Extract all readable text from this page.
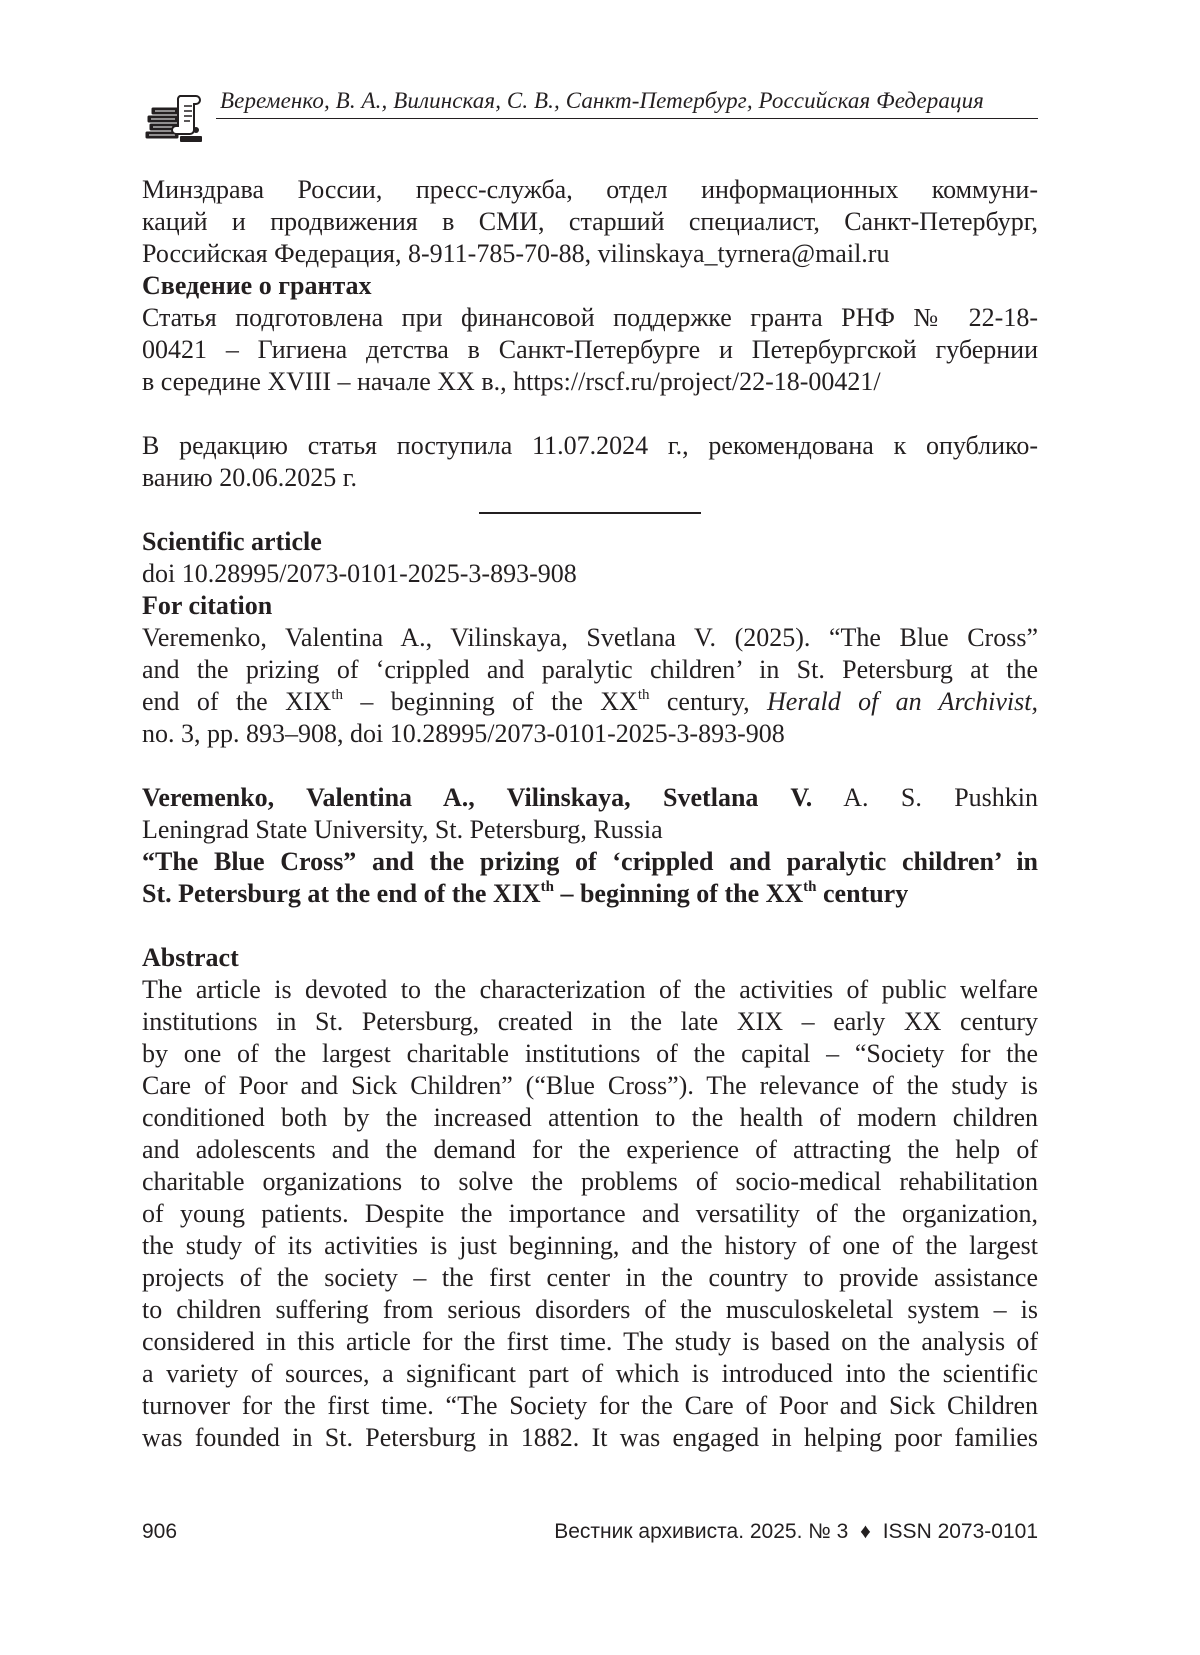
Веременко, В. А., Вилинская, С. В., Санкт-Петербург, Российская Федерация

Минздрава России, пресс-служба, отдел информационных коммуни-

каций и продвижения в СМИ, старший специалист, Санкт-Петербург,

Российская Федерация, 8-911-785-70-88, vilinskaya_tyrnera@mail.ru

Сведение о грантах

Статья подготовлена при финансовой поддержке гранта РНФ № 22-18-

00421 – Гигиена детства в Санкт-Петербурге и Петербургской губернии

в середине XVIII – начале XX в., https://rscf.ru/project/22-18-00421/

В редакцию статья поступила 11.07.2024 г., рекомендована к опублико-

ванию 20.06.2025 г.

Scientific article

doi 10.28995/2073-0101-2025-3-893-908

For citation

Veremenko, Valentina A., Vilinskaya, Svetlana V. (2025). “The Blue Cross”

and the prizing of ‘crippled and paralytic children’ in St. Petersburg at the

end of the XIXth – beginning of the XXth century, Herald of an Archivist,

no. 3, pp. 893–908, doi 10.28995/2073-0101-2025-3-893-908

Veremenko, Valentina A., Vilinskaya, Svetlana V. A. S. Pushkin

Leningrad State University, St. Petersburg, Russia

“The Blue Cross” and the prizing of ‘crippled and paralytic children’ in

St. Petersburg at the end of the XIXth – beginning of the XXth century

Abstract

The article is devoted to the characterization of the activities of public welfare

institutions in St. Petersburg, created in the late XIX – early XX century

by one of the largest charitable institutions of the capital – “Society for the

Care of Poor and Sick Children” (“Blue Cross”). The relevance of the study is

conditioned both by the increased attention to the health of modern children

and adolescents and the demand for the experience of attracting the help of

charitable organizations to solve the problems of socio-medical rehabilitation

of young patients. Despite the importance and versatility of the organization,

the study of its activities is just beginning, and the history of one of the largest

projects of the society – the first center in the country to provide assistance

to children suffering from serious disorders of the musculoskeletal system – is

considered in this article for the first time. The study is based on the analysis of

a variety of sources, a significant part of which is introduced into the scientific

turnover for the first time. “The Society for the Care of Poor and Sick Children

was founded in St. Petersburg in 1882. It was engaged in helping poor families

906	Вестник архивиста. 2025. № 3 ♦ ISSN 2073-0101
